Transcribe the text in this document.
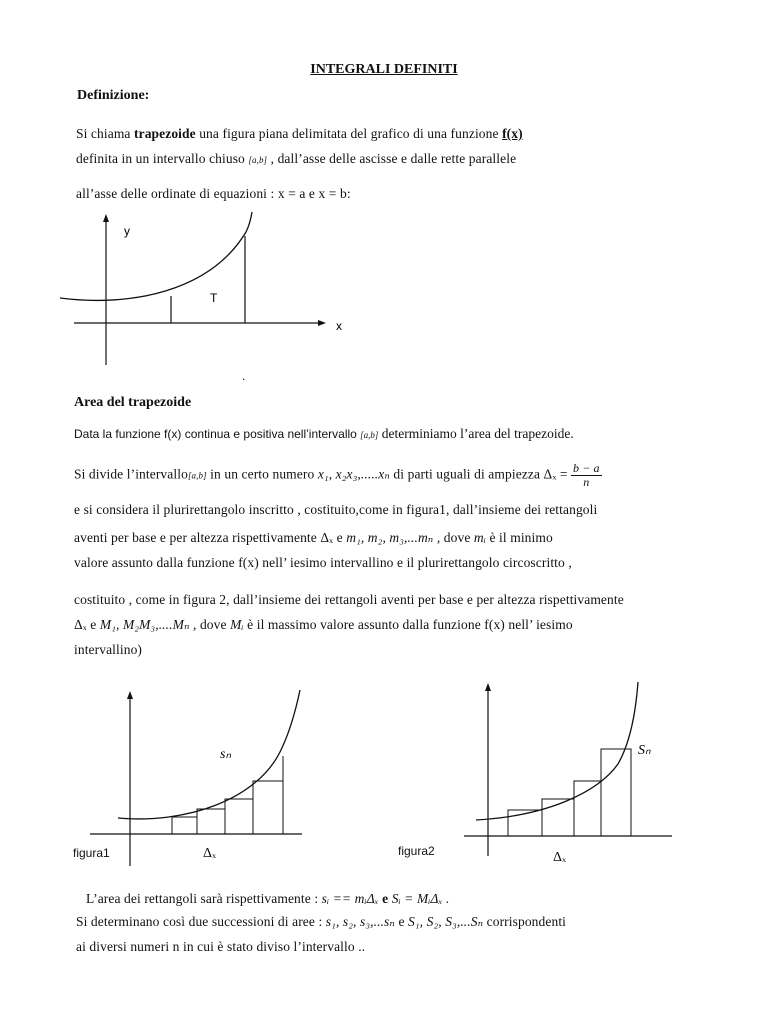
INTEGRALI DEFINITI
Definizione:
Si chiama trapezoide una figura piana delimitata del grafico di una funzione f(x)
definita in un intervallo chiuso [a,b] , dall’asse delle ascisse e dalle rette parallele
all’asse delle ordinate di equazioni : x = a e x = b:
y
T
x
.
Area del trapezoide
Data la funzione f(x) continua e positiva nell’intervallo [a,b] determiniamo l’area del trapezoide.
Si divide l’intervallo[a,b] in un certo numero x₁, x₂x₃,.....xₙ di parti uguali di ampiezza $\Delta_x = \frac{b - a}{n}$
e si considera il plurirettangolo inscritto , costituito,come in figura1, dall’insieme dei rettangoli
aventi per base e per altezza rispettivamente Δₓ e m₁, m₂, m₃,...mₙ , dove mᵢ è il minimo
valore assunto dalla funzione f(x) nell’ iesimo intervallino e il plurirettangolo circoscritto ,
costituito , come in figura 2, dall’insieme dei rettangoli aventi per base e per altezza rispettivamente
Δₓ e M₁, M₂M₃,....Mₙ , dove Mᵢ è il massimo valore assunto dalla funzione f(x) nell’ iesimo
intervallino)
sₙ
figura1	Δₓ
Sₙ
figura2	Δₓ
L’area dei rettangoli sarà rispettivamente : sᵢ == mᵢΔₓ e Sᵢ = MᵢΔₓ .
Si determinano così due successioni di aree : s₁, s₂, s₃,...sₙ e S₁, S₂, S₃,...Sₙ corrispondenti
ai diversi numeri n in cui è stato diviso l’intervallo ..
